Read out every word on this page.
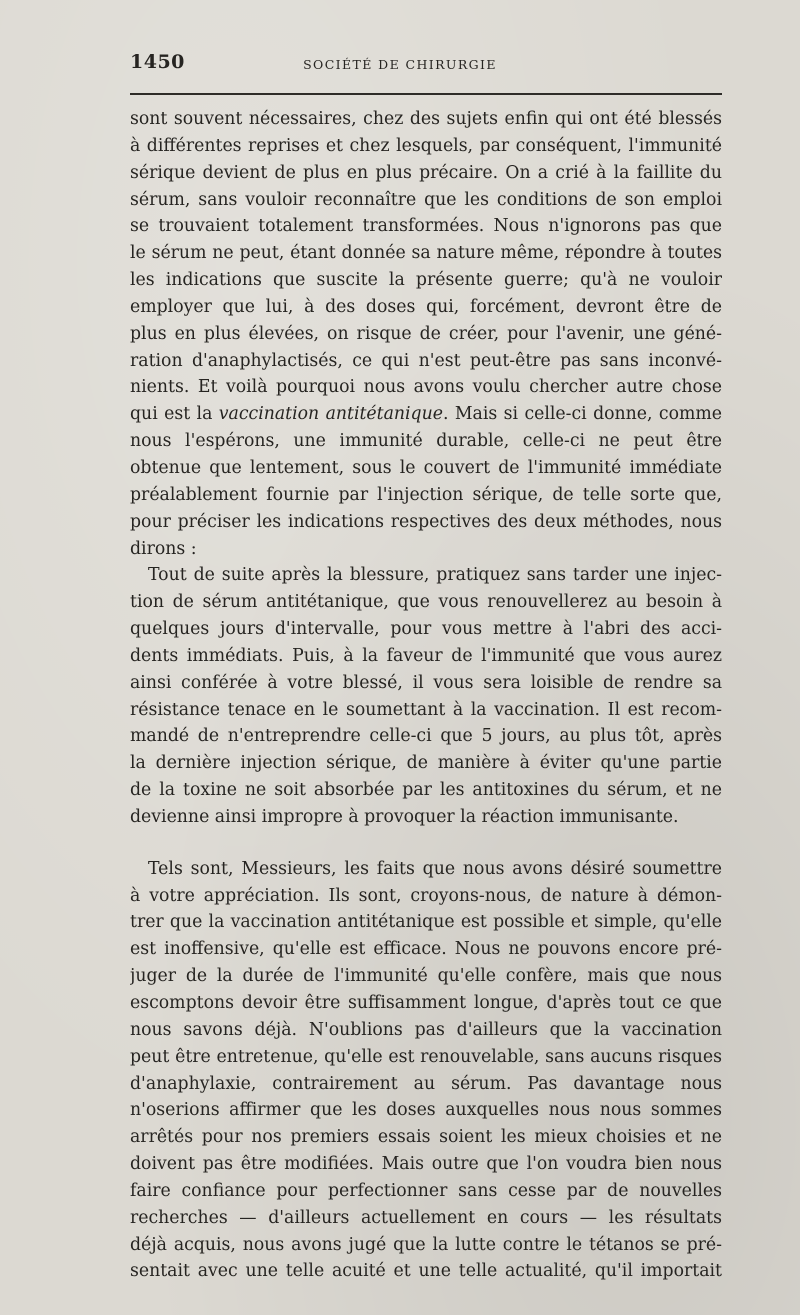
1450	SOCIÉTÉ DE CHIRURGIE
sont souvent nécessaires, chez des sujets enfin qui ont été blessés
à différentes reprises et chez lesquels, par conséquent, l'immunité
sérique devient de plus en plus précaire. On a crié à la faillite du
sérum, sans vouloir reconnaître que les conditions de son emploi
se trouvaient totalement transformées. Nous n'ignorons pas que
le sérum ne peut, étant donnée sa nature même, répondre à toutes
les indications que suscite la présente guerre; qu'à ne vouloir
employer que lui, à des doses qui, forcément, devront être de
plus en plus élevées, on risque de créer, pour l'avenir, une géné-
ration d'anaphylactisés, ce qui n'est peut-être pas sans inconvé-
nients. Et voilà pourquoi nous avons voulu chercher autre chose
qui est la vaccination antitétanique. Mais si celle-ci donne, comme
nous l'espérons, une immunité durable, celle-ci ne peut être
obtenue que lentement, sous le couvert de l'immunité immédiate
préalablement fournie par l'injection sérique, de telle sorte que,
pour préciser les indications respectives des deux méthodes, nous
dirons :
Tout de suite après la blessure, pratiquez sans tarder une injec-
tion de sérum antitétanique, que vous renouvellerez au besoin à
quelques jours d'intervalle, pour vous mettre à l'abri des acci-
dents immédiats. Puis, à la faveur de l'immunité que vous aurez
ainsi conférée à votre blessé, il vous sera loisible de rendre sa
résistance tenace en le soumettant à la vaccination. Il est recom-
mandé de n'entreprendre celle-ci que 5 jours, au plus tôt, après
la dernière injection sérique, de manière à éviter qu'une partie
de la toxine ne soit absorbée par les antitoxines du sérum, et ne
devienne ainsi impropre à provoquer la réaction immunisante.
Tels sont, Messieurs, les faits que nous avons désiré soumettre
à votre appréciation. Ils sont, croyons-nous, de nature à démon-
trer que la vaccination antitétanique est possible et simple, qu'elle
est inoffensive, qu'elle est efficace. Nous ne pouvons encore pré-
juger de la durée de l'immunité qu'elle confère, mais que nous
escomptons devoir être suffisamment longue, d'après tout ce que
nous savons déjà. N'oublions pas d'ailleurs que la vaccination
peut être entretenue, qu'elle est renouvelable, sans aucuns risques
d'anaphylaxie, contrairement au sérum. Pas davantage nous
n'oserions affirmer que les doses auxquelles nous nous sommes
arrêtés pour nos premiers essais soient les mieux choisies et ne
doivent pas être modifiées. Mais outre que l'on voudra bien nous
faire confiance pour perfectionner sans cesse par de nouvelles
recherches — d'ailleurs actuellement en cours — les résultats
déjà acquis, nous avons jugé que la lutte contre le tétanos se pré-
sentait avec une telle acuité et une telle actualité, qu'il importait
